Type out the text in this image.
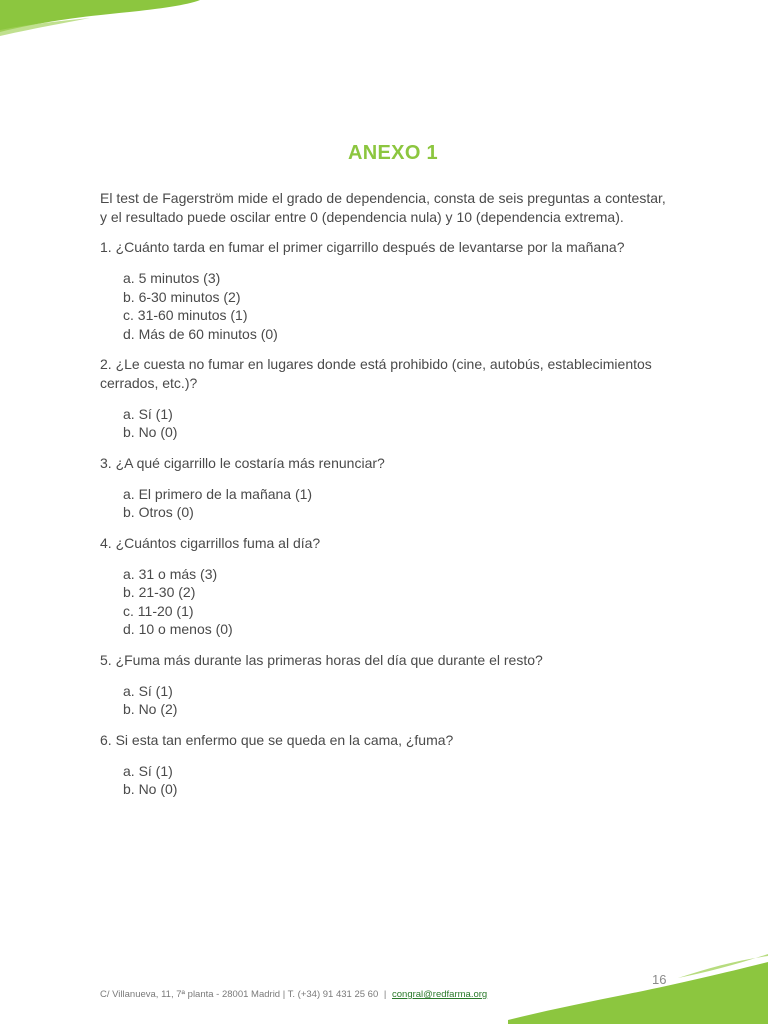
ANEXO 1

El test de Fagerström mide el grado de dependencia, consta de seis preguntas a contestar, y el resultado puede oscilar entre 0 (dependencia nula) y 10 (dependencia extrema).

1. ¿Cuánto tarda en fumar el primer cigarrillo después de levantarse por la mañana?

a. 5 minutos (3)
b. 6-30 minutos (2)
c. 31-60 minutos (1)
d. Más de 60 minutos (0)

2. ¿Le cuesta no fumar en lugares donde está prohibido (cine, autobús, establecimientos cerrados, etc.)?

a. Sí (1)
b. No (0)

3. ¿A qué cigarrillo le costaría más renunciar?

a. El primero de la mañana (1)
b. Otros (0)

4. ¿Cuántos cigarrillos fuma al día?

a. 31 o más (3)
b. 21-30 (2)
c. 11-20 (1)
d. 10 o menos (0)

5. ¿Fuma más durante las primeras horas del día que durante el resto?

a. Sí (1)
b. No (2)

6. Si esta tan enfermo que se queda en la cama, ¿fuma?

a. Sí (1)
b. No (0)
16
C/ Villanueva, 11, 7ª planta - 28001 Madrid | T. (+34) 91 431 25 60 | congral@redfarma.org
